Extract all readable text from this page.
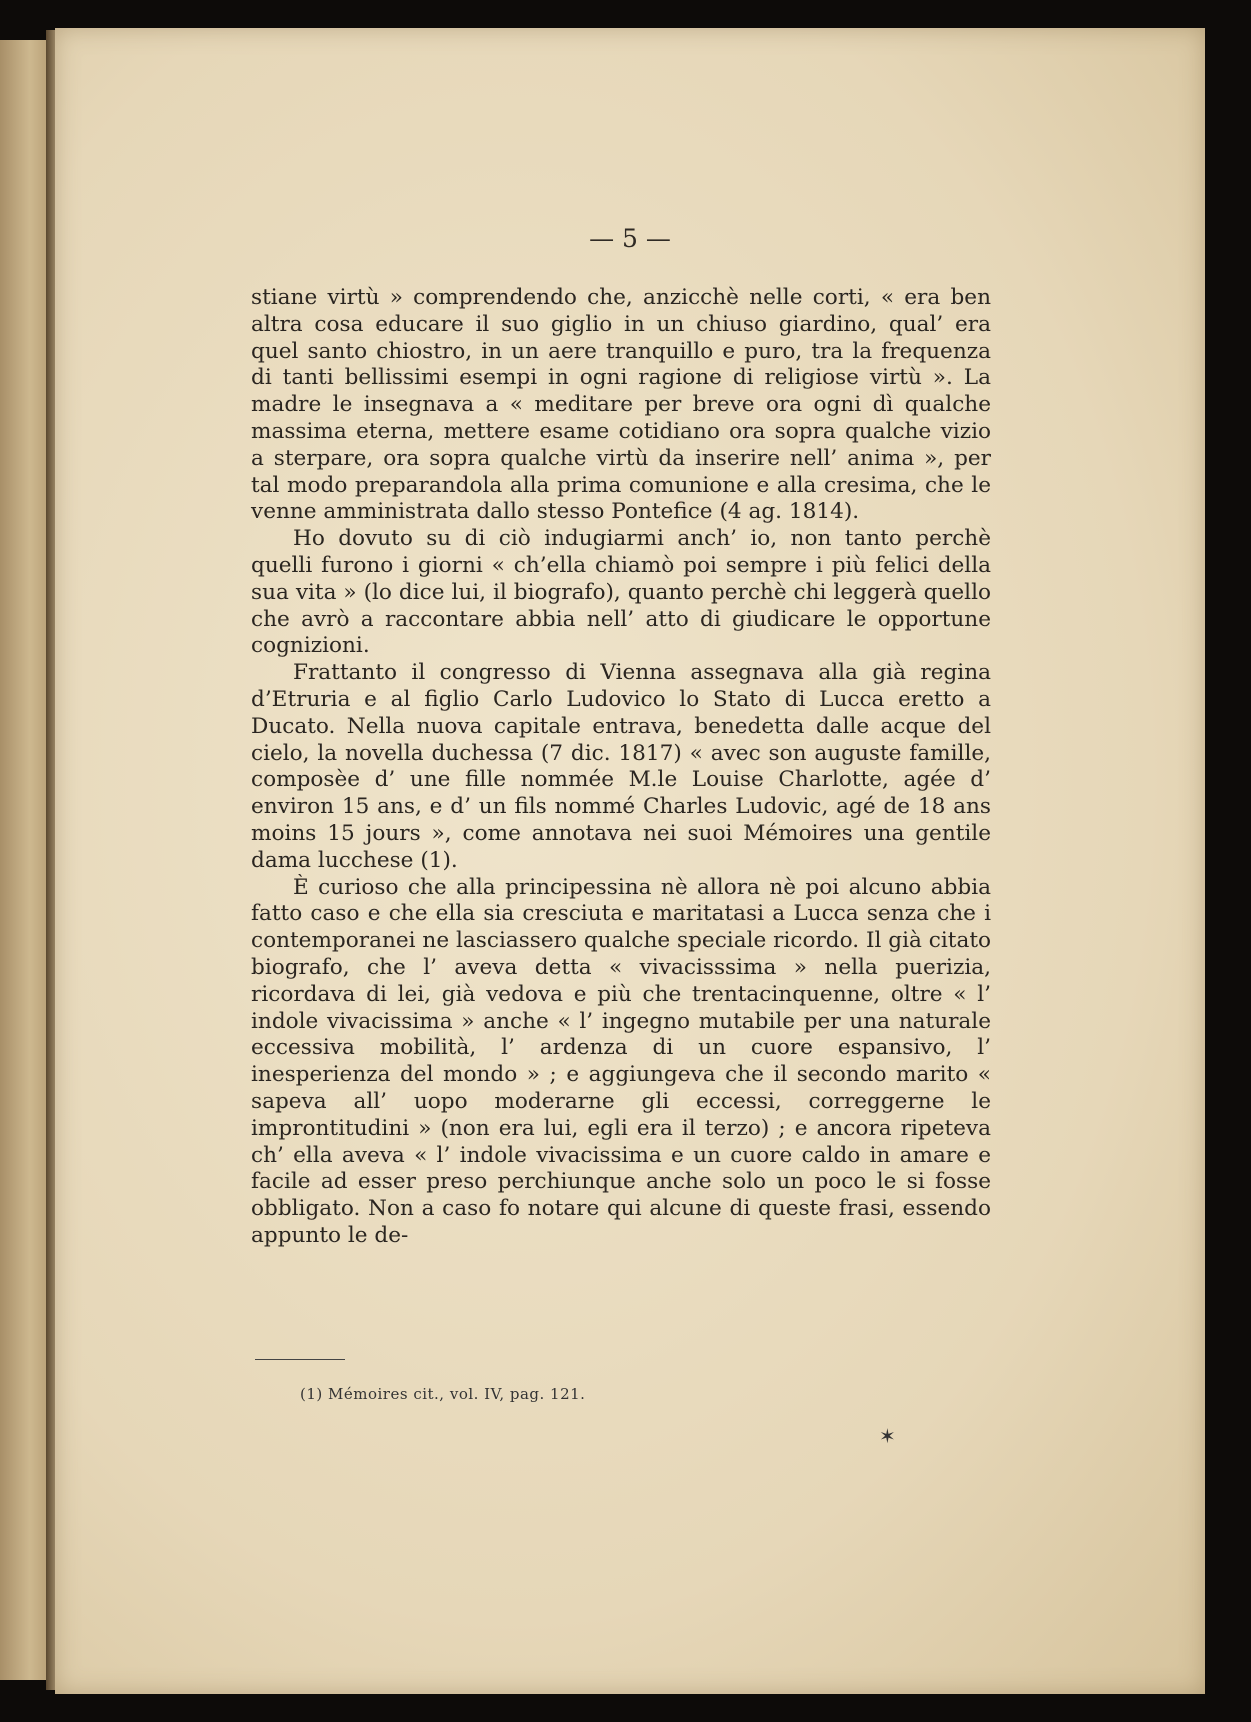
— 5 —

stiane virtù » comprendendo che, anzicchè nelle corti, « era ben altra cosa educare il suo giglio in un chiuso giardino, qual’ era quel santo chiostro, in un aere tranquillo e puro, tra la frequenza di tanti bellissimi esempi in ogni ragione di religiose virtù ». La madre le insegnava a « meditare per breve ora ogni dì qualche massima eterna, mettere esame cotidiano ora sopra qualche vizio a sterpare, ora sopra qualche virtù da inserire nell’ anima », per tal modo preparandola alla prima comunione e alla cresima, che le venne amministrata dallo stesso Pontefice (4 ag. 1814).

Ho dovuto su di ciò indugiarmi anch’ io, non tanto perchè quelli furono i giorni « ch’ella chiamò poi sempre i più felici della sua vita » (lo dice lui, il biografo), quanto perchè chi leggerà quello che avrò a raccontare abbia nell’ atto di giudicare le opportune cognizioni.

Frattanto il congresso di Vienna assegnava alla già regina d’Etruria e al figlio Carlo Ludovico lo Stato di Lucca eretto a Ducato. Nella nuova capitale entrava, benedetta dalle acque del cielo, la novella duchessa (7 dic. 1817) « avec son auguste famille, composèe d’ une fille nommée M.le Louise Charlotte, agée d’ environ 15 ans, e d’ un fils nommé Charles Ludovic, agé de 18 ans moins 15 jours », come annotava nei suoi Mémoires una gentile dama lucchese (1).

È curioso che alla principessina nè allora nè poi alcuno abbia fatto caso e che ella sia cresciuta e maritatasi a Lucca senza che i contemporanei ne lasciassero qualche speciale ricordo. Il già citato biografo, che l’ aveva detta « vivacisssima » nella puerizia, ricordava di lei, già vedova e più che trentacinquenne, oltre « l’ indole vivacissima » anche « l’ ingegno mutabile per una naturale eccessiva mobilità, l’ ardenza di un cuore espansivo, l’ inesperienza del mondo » ; e aggiungeva che il secondo marito « sapeva all’ uopo moderarne gli eccessi, correggerne le improntitudini » (non era lui, egli era il terzo) ; e ancora ripeteva ch’ ella aveva « l’ indole vivacissima e un cuore caldo in amare e facile ad esser preso perchiunque anche solo un poco le si fosse obbligato. Non a caso fo notare qui alcune di queste frasi, essendo appunto le de-

(1) Mémoires cit., vol. IV, pag. 121.
✶
